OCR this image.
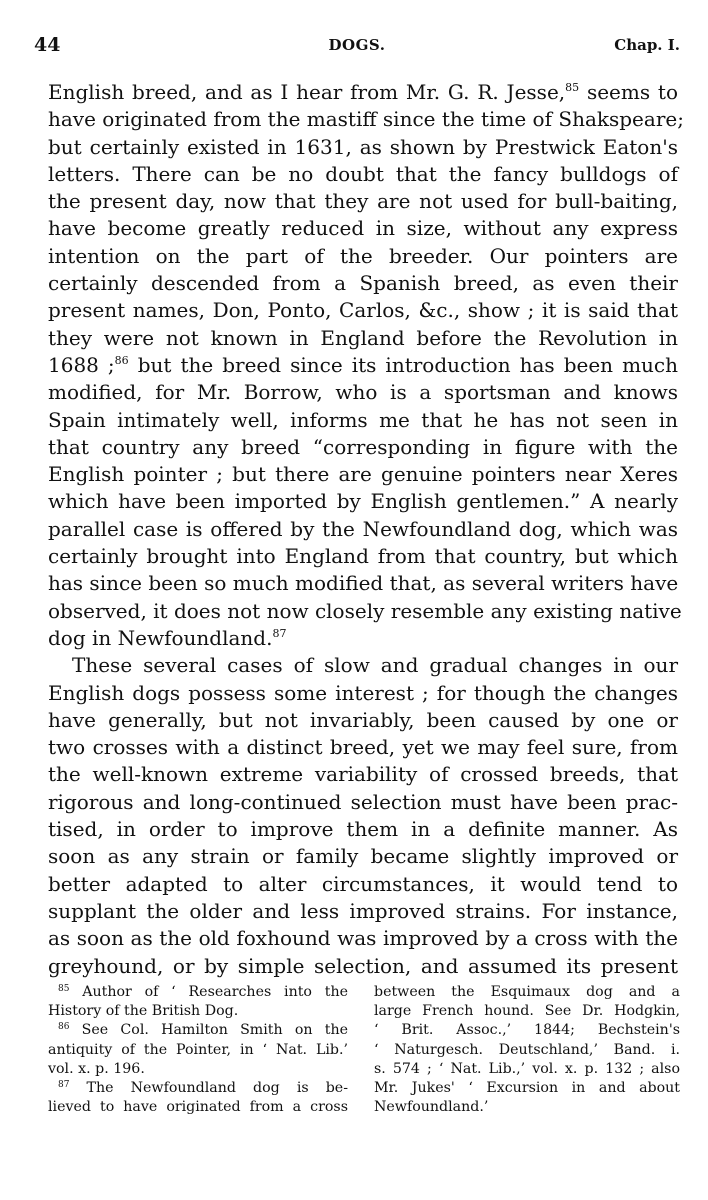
44	DOGS.	Chap. I.
English breed, and as I hear from Mr. G. R. Jesse,$^{85}$ seems to
have originated from the mastiff since the time of Shakspeare;
but certainly existed in 1631, as shown by Prestwick Eaton's
letters. There can be no doubt that the fancy bulldogs of
the present day, now that they are not used for bull-baiting,
have become greatly reduced in size, without any express
intention on the part of the breeder. Our pointers are
certainly descended from a Spanish breed, as even their
present names, Don, Ponto, Carlos, &c., show ; it is said that
they were not known in England before the Revolution in
1688 ;$^{86}$ but the breed since its introduction has been much
modified, for Mr. Borrow, who is a sportsman and knows
Spain intimately well, informs me that he has not seen in
that country any breed “corresponding in figure with the
English pointer ; but there are genuine pointers near Xeres
which have been imported by English gentlemen.” A nearly
parallel case is offered by the Newfoundland dog, which was
certainly brought into England from that country, but which
has since been so much modified that, as several writers have
observed, it does not now closely resemble any existing native
dog in Newfoundland.$^{87}$
These several cases of slow and gradual changes in our
English dogs possess some interest ; for though the changes
have generally, but not invariably, been caused by one or
two crosses with a distinct breed, yet we may feel sure, from
the well-known extreme variability of crossed breeds, that
rigorous and long-continued selection must have been prac-
tised, in order to improve them in a definite manner. As
soon as any strain or family became slightly improved or
better adapted to alter circumstances, it would tend to
supplant the older and less improved strains. For instance,
as soon as the old foxhound was improved by a cross with the
greyhound, or by simple selection, and assumed its present
$^{85}$ Author of ‘ Researches into the
History of the British Dog.
$^{86}$ See Col. Hamilton Smith on the
antiquity of the Pointer, in ‘ Nat. Lib.’
vol. x. p. 196.
$^{87}$ The Newfoundland dog is be-
lieved to have originated from a cross
between the Esquimaux dog and a
large French hound. See Dr. Hodgkin,
‘ Brit. Assoc.,’ 1844; Bechstein's
‘ Naturgesch. Deutschland,’ Band. i.
s. 574 ; ‘ Nat. Lib.,’ vol. x. p. 132 ; also
Mr. Jukes' ‘ Excursion in and about
Newfoundland.’
